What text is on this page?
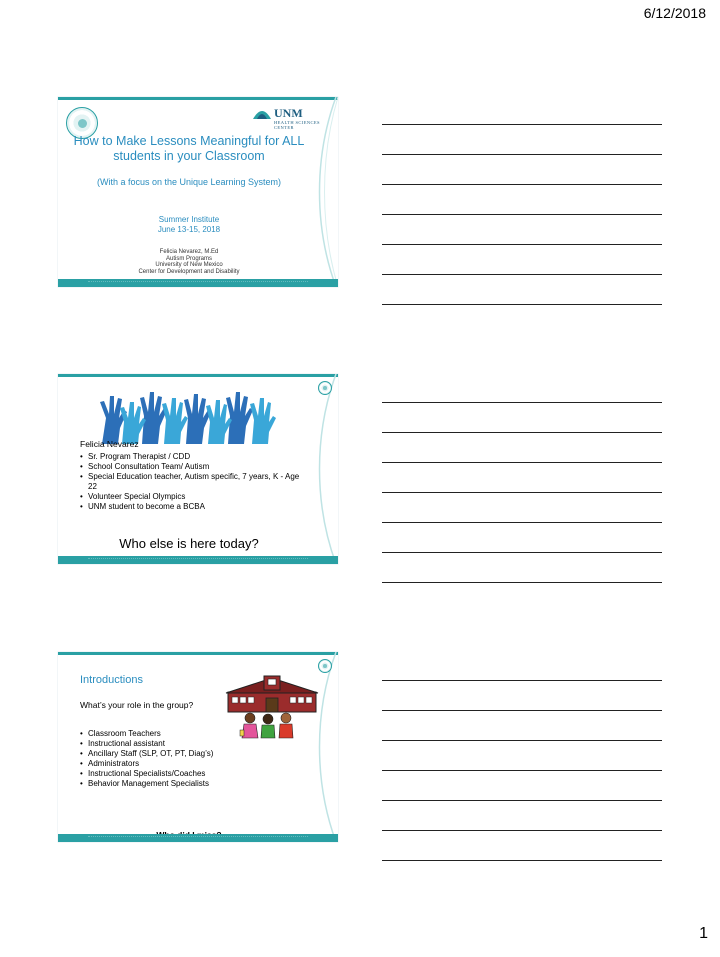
6/12/2018
UNM
HEALTH SCIENCES CENTER
How to Make Lessons Meaningful for ALL students in your Classroom
(With a focus on the Unique Learning System)
Summer Institute
June 13-15, 2018
Felicia Nevarez, M.Ed
Autism Programs
University of New Mexico
Center for Development and Disability
Felicia Nevarez
• Sr. Program Therapist / CDD
• School Consultation Team/ Autism
• Special Education teacher, Autism specific, 7 years, K - Age 22
• Volunteer Special Olympics
• UNM student to become a BCBA
Who else is here today?
Introductions
What’s your role in the group?
• Classroom Teachers
• Instructional assistant
• Ancillary Staff (SLP, OT, PT, Diag’s)
• Administrators
• Instructional Specialists/Coaches
• Behavior Management Specialists
1
